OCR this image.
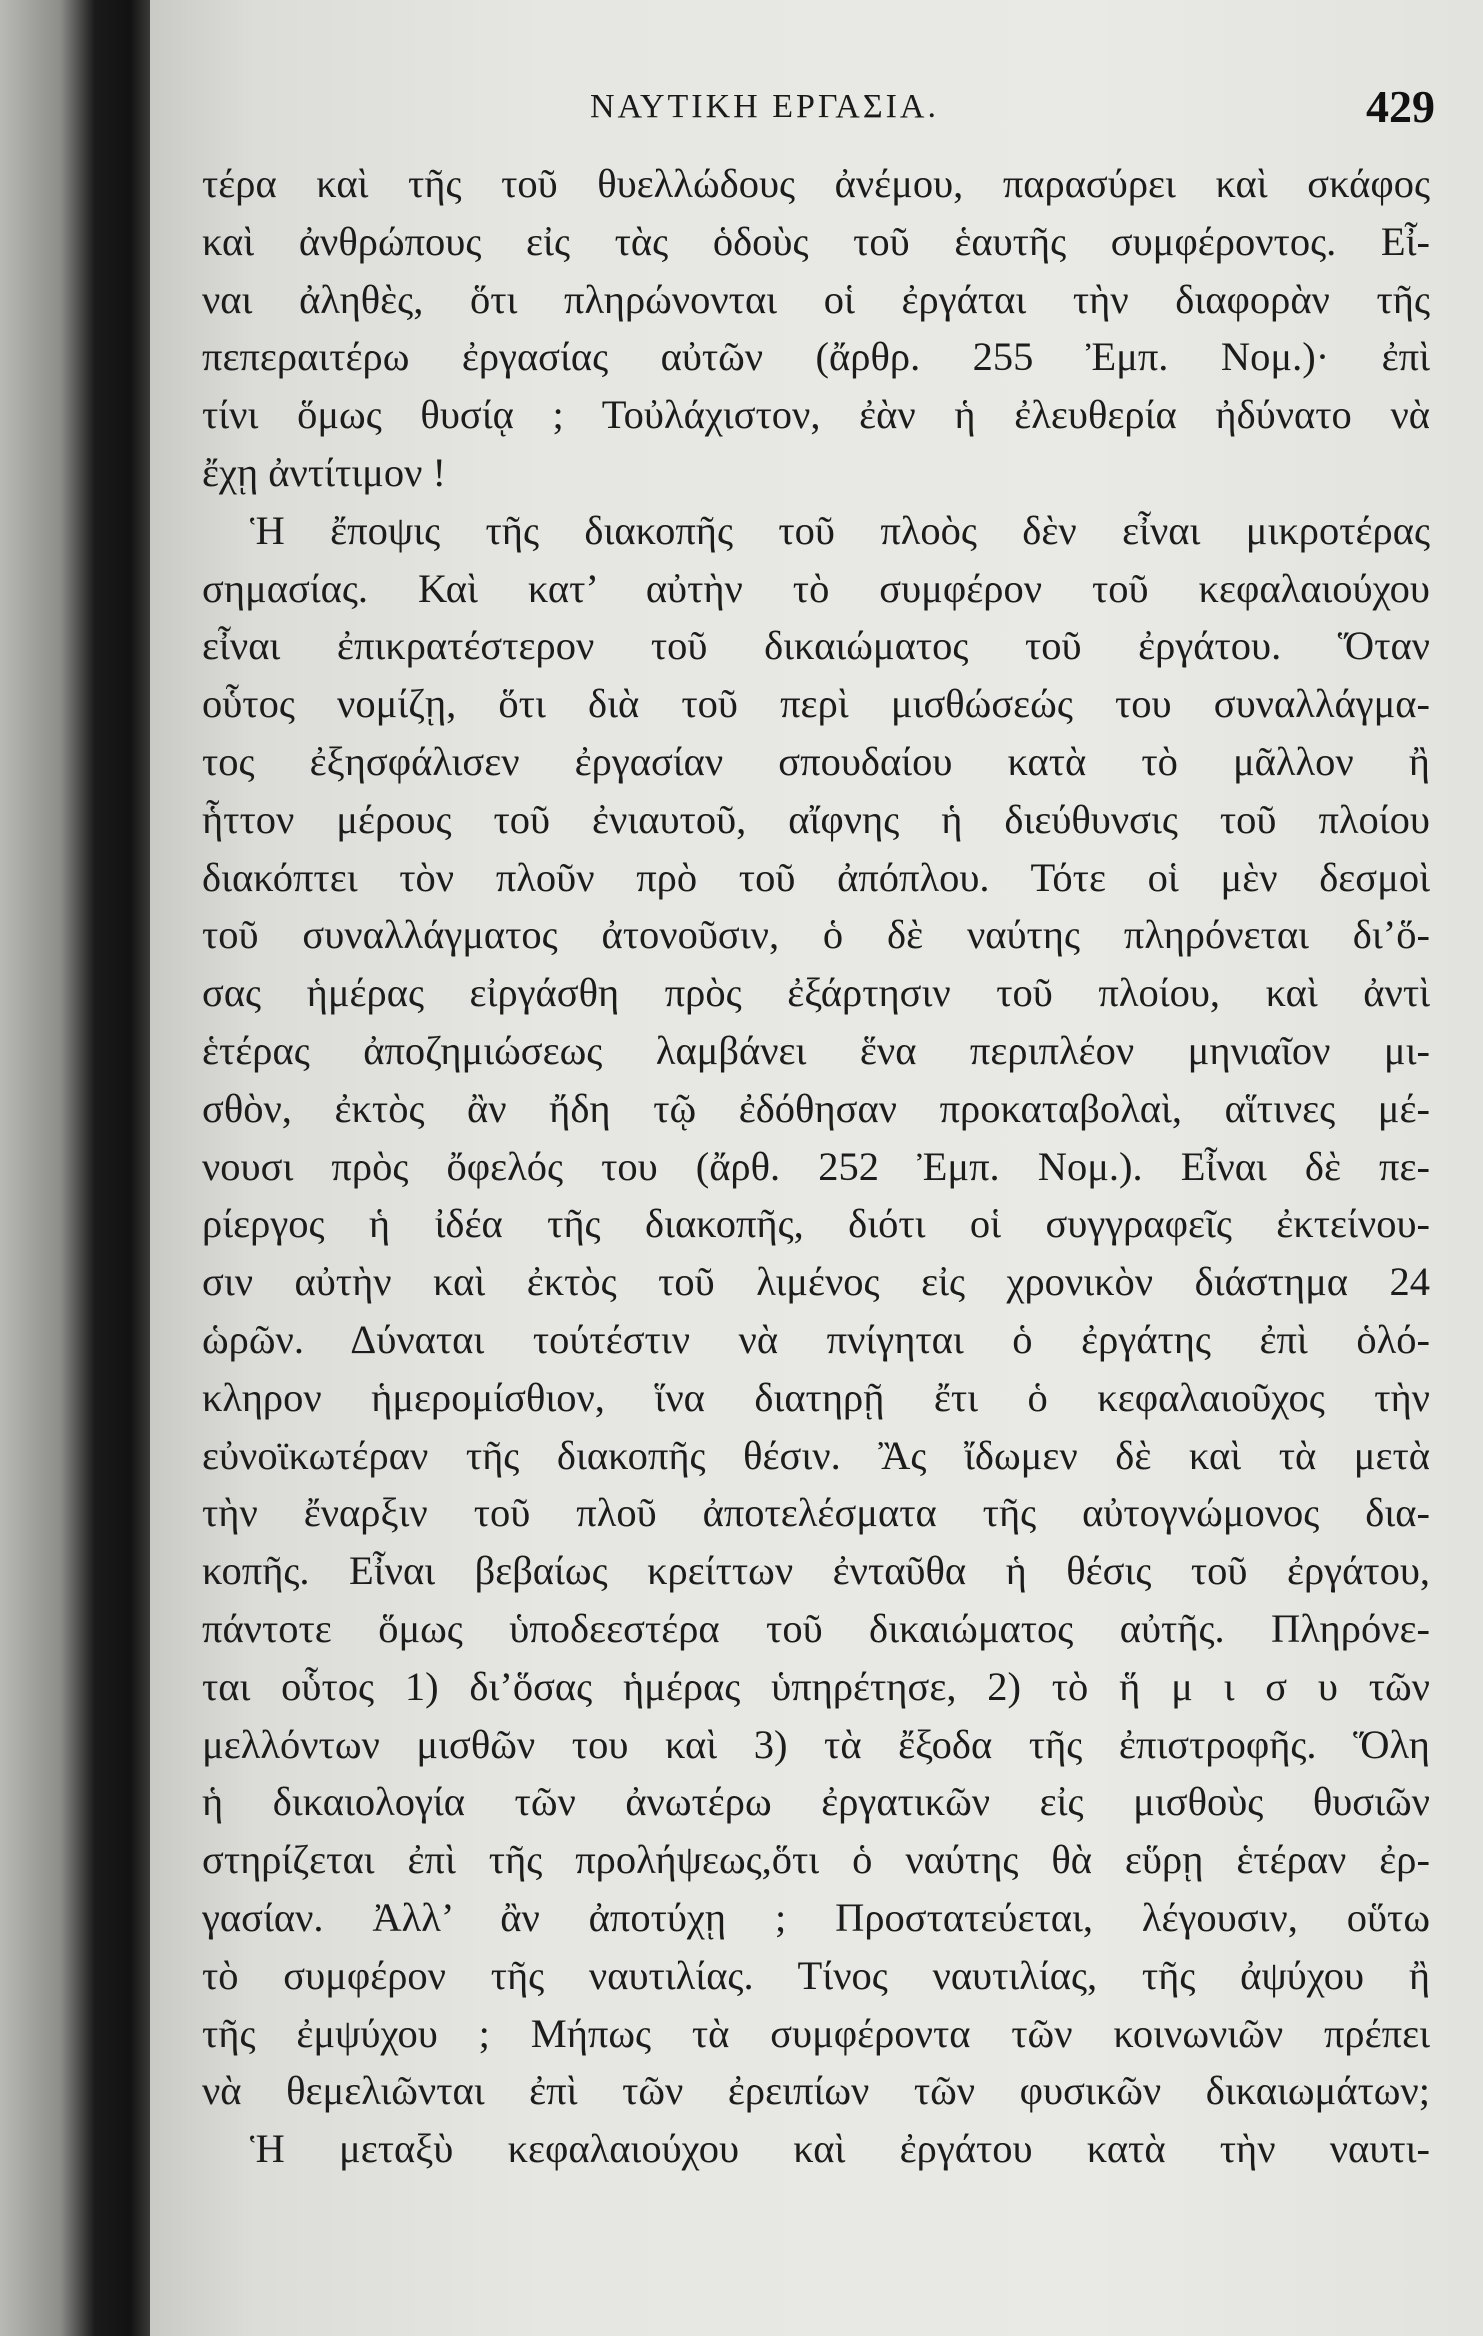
ΝΑΥΤΙΚΗ ΕΡΓΑΣΙΑ.	429
τέρα καὶ τῆς τοῦ θυελλώδους ἀνέμου, παρασύρει καὶ σκάφος
καὶ ἀνθρώπους εἰς τὰς ὁδοὺς τοῦ ἑαυτῆς συμφέροντος. Εἶ-
ναι ἀληθὲς, ὅτι πληρώνονται οἱ ἐργάται τὴν διαφορὰν τῆς
πεπεραιτέρω ἐργασίας αὐτῶν (ἄρθρ. 255 Ἐμπ. Νομ.)· ἐπὶ
τίνι ὅμως θυσίᾳ ; Τοὐλάχιστον, ἐὰν ἡ ἐλευθερία ἠδύνατο νὰ
ἔχῃ ἀντίτιμον !
Ἡ ἔποψις τῆς διακοπῆς τοῦ πλοὸς δὲν εἶναι μικροτέρας
σημασίας. Καὶ κατ’ αὐτὴν τὸ συμφέρον τοῦ κεφαλαιούχου
εἶναι ἐπικρατέστερον τοῦ δικαιώματος τοῦ ἐργάτου. Ὅταν
οὗτος νομίζῃ, ὅτι διὰ τοῦ περὶ μισθώσεώς του συναλλάγμα-
τος ἐξησφάλισεν ἐργασίαν σπουδαίου κατὰ τὸ μᾶλλον ἢ
ἧττον μέρους τοῦ ἐνιαυτοῦ, αἴφνης ἡ διεύθυνσις τοῦ πλοίου
διακόπτει τὸν πλοῦν πρὸ τοῦ ἀπόπλου. Τότε οἱ μὲν δεσμοὶ
τοῦ συναλλάγματος ἀτονοῦσιν, ὁ δὲ ναύτης πληρόνεται δι’ὅ-
σας ἡμέρας εἰργάσθη πρὸς ἐξάρτησιν τοῦ πλοίου, καὶ ἀντὶ
ἑτέρας ἀποζημιώσεως λαμβάνει ἕνα περιπλέον μηνιαῖον μι-
σθὸν, ἐκτὸς ἂν ἤδη τῷ ἐδόθησαν προκαταβολαὶ, αἵτινες μέ-
νουσι πρὸς ὄφελός του (ἄρθ. 252 Ἐμπ. Νομ.). Εἶναι δὲ πε-
ρίεργος ἡ ἰδέα τῆς διακοπῆς, διότι οἱ συγγραφεῖς ἐκτείνου-
σιν αὐτὴν καὶ ἐκτὸς τοῦ λιμένος εἰς χρονικὸν διάστημα 24
ὡρῶν. Δύναται τούτέστιν νὰ πνίγηται ὁ ἐργάτης ἐπὶ ὁλό-
κληρον ἡμερομίσθιον, ἵνα διατηρῇ ἔτι ὁ κεφαλαιοῦχος τὴν
εὐνοϊκωτέραν τῆς διακοπῆς θέσιν. Ἂς ἴδωμεν δὲ καὶ τὰ μετὰ
τὴν ἔναρξιν τοῦ πλοῦ ἀποτελέσματα τῆς αὐτογνώμονος δια-
κοπῆς. Εἶναι βεβαίως κρείττων ἐνταῦθα ἡ θέσις τοῦ ἐργάτου,
πάντοτε ὅμως ὑποδεεστέρα τοῦ δικαιώματος αὐτῆς. Πληρόνε-
ται οὗτος 1) δι’ὅσας ἡμέρας ὑπηρέτησε, 2) τὸ ἥ μ ι σ υ τῶν
μελλόντων μισθῶν του καὶ 3) τὰ ἔξοδα τῆς ἐπιστροφῆς. Ὅλη
ἡ δικαιολογία τῶν ἀνωτέρω ἐργατικῶν εἰς μισθοὺς θυσιῶν
στηρίζεται ἐπὶ τῆς προλήψεως,ὅτι ὁ ναύτης θὰ εὕρῃ ἑτέραν ἐρ-
γασίαν. Ἀλλ’ ἂν ἀποτύχῃ ; Προστατεύεται, λέγουσιν, οὕτω
τὸ συμφέρον τῆς ναυτιλίας. Τίνος ναυτιλίας, τῆς ἀψύχου ἢ
τῆς ἐμψύχου ; Μήπως τὰ συμφέροντα τῶν κοινωνιῶν πρέπει
νὰ θεμελιῶνται ἐπὶ τῶν ἐρειπίων τῶν φυσικῶν δικαιωμάτων;
Ἡ μεταξὺ κεφαλαιούχου καὶ ἐργάτου κατὰ τὴν ναυτι-
